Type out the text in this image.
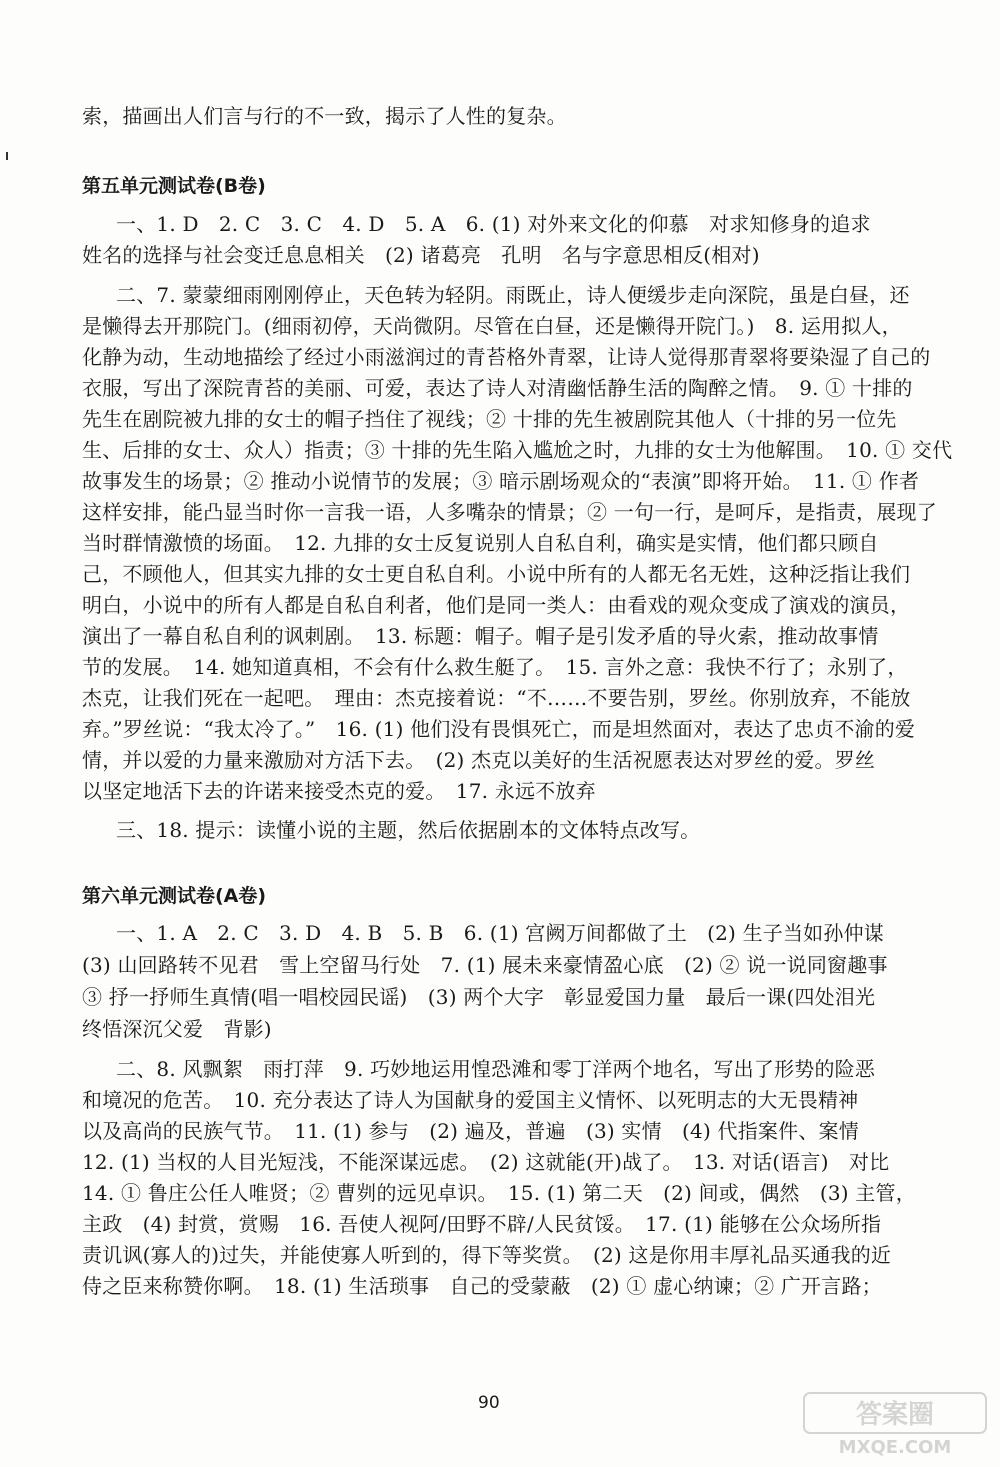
索，描画出人们言与行的不一致，揭示了人性的复杂。
第五单元测试卷(B卷)
一、1. D　2. C　3. C　4. D　5. A　6. (1) 对外来文化的仰慕　对求知修身的追求
姓名的选择与社会变迁息息相关　(2) 诸葛亮　孔明　名与字意思相反(相对)
二、7. 蒙蒙细雨刚刚停止，天色转为轻阴。雨既止，诗人便缓步走向深院，虽是白昼，还
是懒得去开那院门。(细雨初停，天尚微阴。尽管在白昼，还是懒得开院门。)　8. 运用拟人，
化静为动，生动地描绘了经过小雨滋润过的青苔格外青翠，让诗人觉得那青翠将要染湿了自己的
衣服，写出了深院青苔的美丽、可爱，表达了诗人对清幽恬静生活的陶醉之情。　9. ① 十排的
先生在剧院被九排的女士的帽子挡住了视线；② 十排的先生被剧院其他人（十排的另一位先
生、后排的女士、众人）指责；③ 十排的先生陷入尴尬之时，九排的女士为他解围。　10. ① 交代
故事发生的场景；② 推动小说情节的发展；③ 暗示剧场观众的“表演”即将开始。　11. ① 作者
这样安排，能凸显当时你一言我一语，人多嘴杂的情景；② 一句一行，是呵斥，是指责，展现了
当时群情激愤的场面。　12. 九排的女士反复说别人自私自利，确实是实情，他们都只顾自
己，不顾他人，但其实九排的女士更自私自利。小说中所有的人都无名无姓，这种泛指让我们
明白，小说中的所有人都是自私自利者，他们是同一类人：由看戏的观众变成了演戏的演员，
演出了一幕自私自利的讽刺剧。　13. 标题：帽子。帽子是引发矛盾的导火索，推动故事情
节的发展。　14. 她知道真相，不会有什么救生艇了。　15. 言外之意：我快不行了；永别了，
杰克，让我们死在一起吧。　理由：杰克接着说：“不……不要告别，罗丝。你别放弃，不能放
弃。”罗丝说：“我太冷了。”　16. (1) 他们没有畏惧死亡，而是坦然面对，表达了忠贞不渝的爱
情，并以爱的力量来激励对方活下去。　(2) 杰克以美好的生活祝愿表达对罗丝的爱。罗丝
以坚定地活下去的许诺来接受杰克的爱。　17. 永远不放弃
三、18. 提示：读懂小说的主题，然后依据剧本的文体特点改写。
第六单元测试卷(A卷)
一、1. A　2. C　3. D　4. B　5. B　6. (1) 宫阙万间都做了土　(2) 生子当如孙仲谋
(3) 山回路转不见君　雪上空留马行处　7. (1) 展未来豪情盈心底　(2) ② 说一说同窗趣事
③ 抒一抒师生真情(唱一唱校园民谣)　(3) 两个大字　彰显爱国力量　最后一课(四处泪光
终悟深沉父爱　背影)
二、8. 风飘絮　雨打萍　9. 巧妙地运用惶恐滩和零丁洋两个地名，写出了形势的险恶
和境况的危苦。　10. 充分表达了诗人为国献身的爱国主义情怀、以死明志的大无畏精神
以及高尚的民族气节。　11. (1) 参与　(2) 遍及，普遍　(3) 实情　(4) 代指案件、案情
12. (1) 当权的人目光短浅，不能深谋远虑。　(2) 这就能(开)战了。　13. 对话(语言)　对比
14. ① 鲁庄公任人唯贤；② 曹刿的远见卓识。　15. (1) 第二天　(2) 间或，偶然　(3) 主管，
主政　(4) 封赏，赏赐　16. 吾使人视阿/田野不辟/人民贫馁。　17. (1) 能够在公众场所指
责讥讽(寡人的)过失，并能使寡人听到的，得下等奖赏。　(2) 这是你用丰厚礼品买通我的近
侍之臣来称赞你啊。　18. (1) 生活琐事　自己的受蒙蔽　(2) ① 虚心纳谏；② 广开言路；
90	答案圈
MXQE.COM
